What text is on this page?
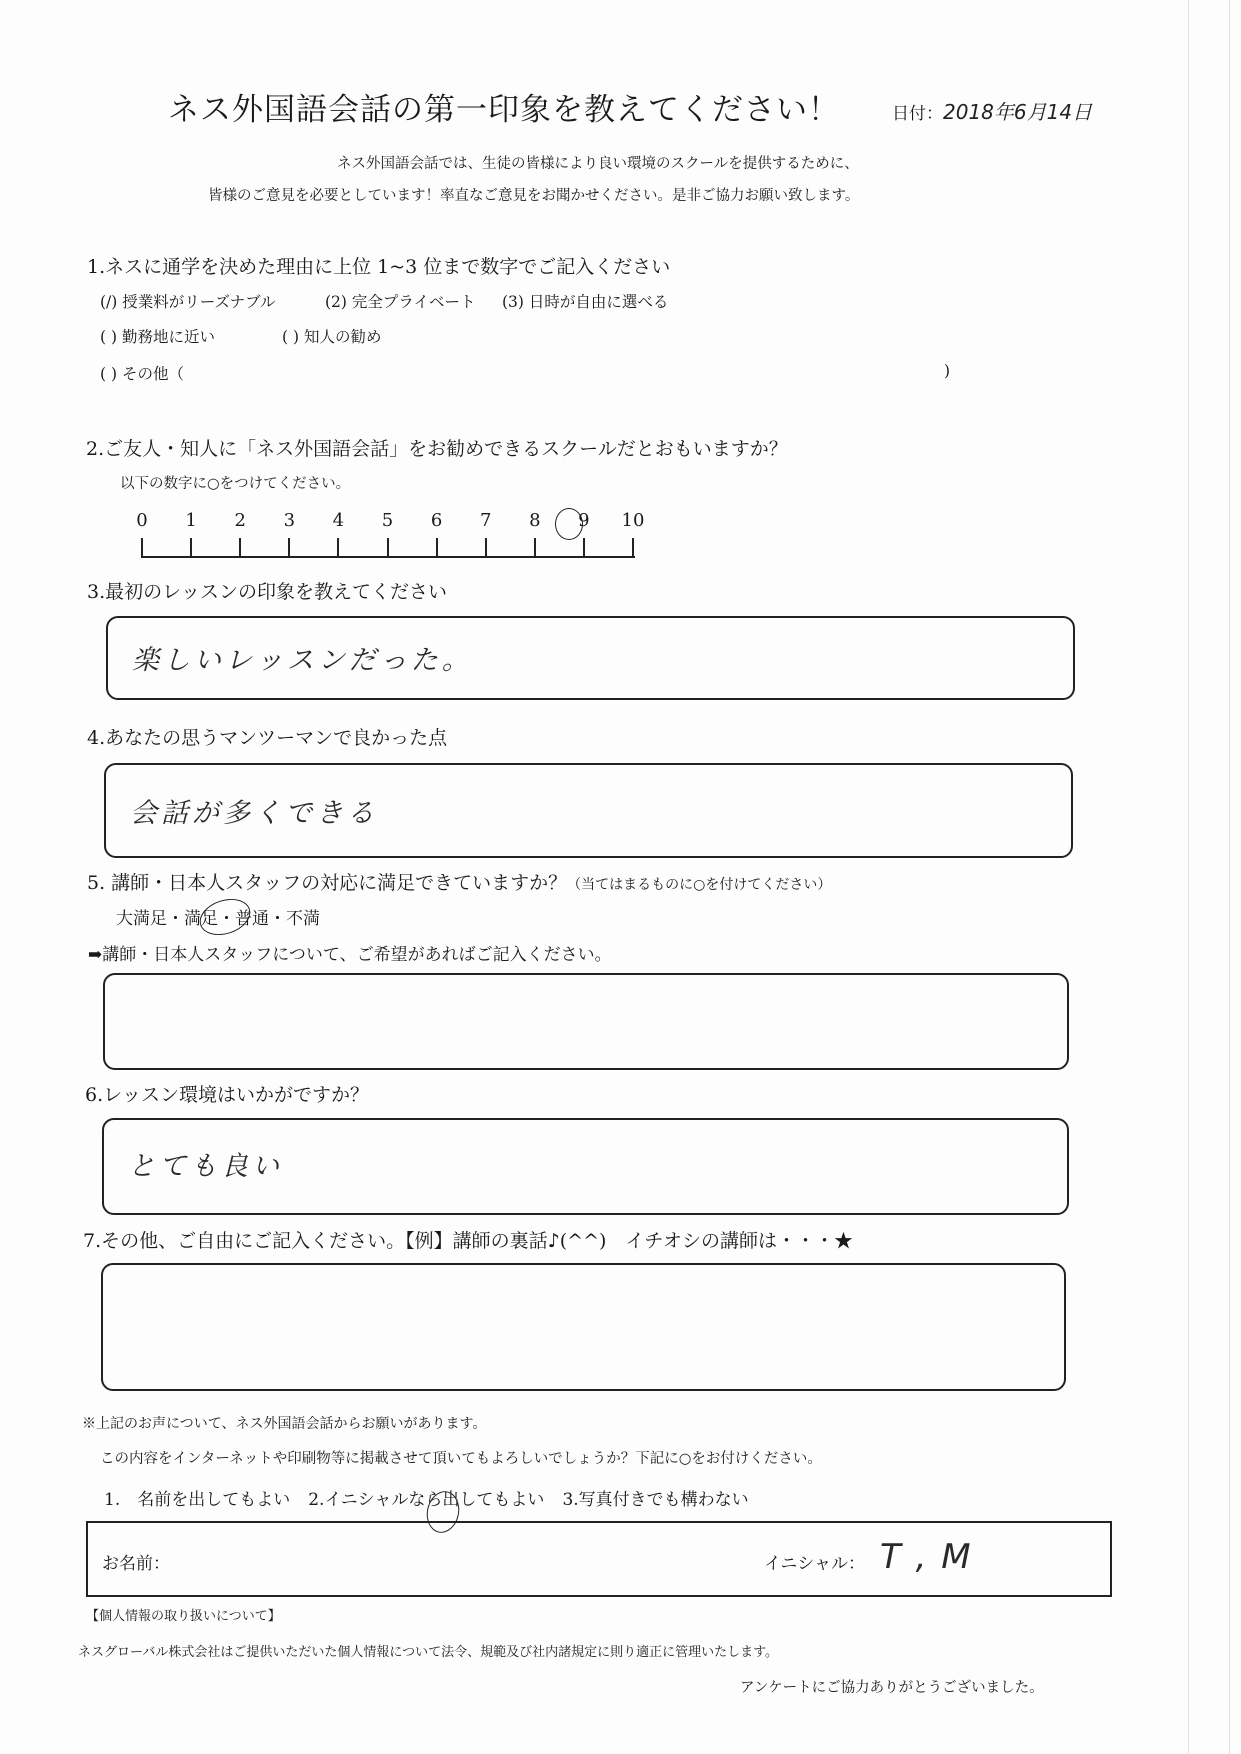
ネス外国語会話の第一印象を教えてください！	日付：2018年6月14日
ネス外国語会話では、生徒の皆様により良い環境のスクールを提供するために、
皆様のご意見を必要としています！率直なご意見をお聞かせください。是非ご協力お願い致します。
1.ネスに通学を決めた理由に上位 1~3 位まで数字でご記入ください
(/) 授業料がリーズナブル	(2) 完全プライベート (3) 日時が自由に選べる
( ) 勤務地に近い	( ) 知人の勧め
( ) その他（	)
2.ご友人・知人に「ネス外国語会話」をお勧めできるスクールだとおもいますか？
以下の数字に○をつけてください。
0 1 2 3 4 5 6 7 8 9 10
3.最初のレッスンの印象を教えてください
楽しいレッスンだった。
4.あなたの思うマンツーマンで良かった点
会話が多くできる
5. 講師・日本人スタッフの対応に満足できていますか？（当てはまるものに○を付けてください）
大満足・満足・普通・不満
➡講師・日本人スタッフについて、ご希望があればご記入ください。
6.レッスン環境はいかがですか？
とても良い
7.その他、ご自由にご記入ください。【例】講師の裏話♪(^^)　イチオシの講師は・・・★
※上記のお声について、ネス外国語会話からお願いがあります。
この内容をインターネットや印刷物等に掲載させて頂いてもよろしいでしょうか？下記に○をお付けください。
1.　名前を出してもよい 2.イニシャルなら出してもよい 3.写真付きでも構わない
お名前：	イニシャル： T , M
【個人情報の取り扱いについて】
ネスグローバル株式会社はご提供いただいた個人情報について法令、規範及び社内諸規定に則り適正に管理いたします。
アンケートにご協力ありがとうございました。
